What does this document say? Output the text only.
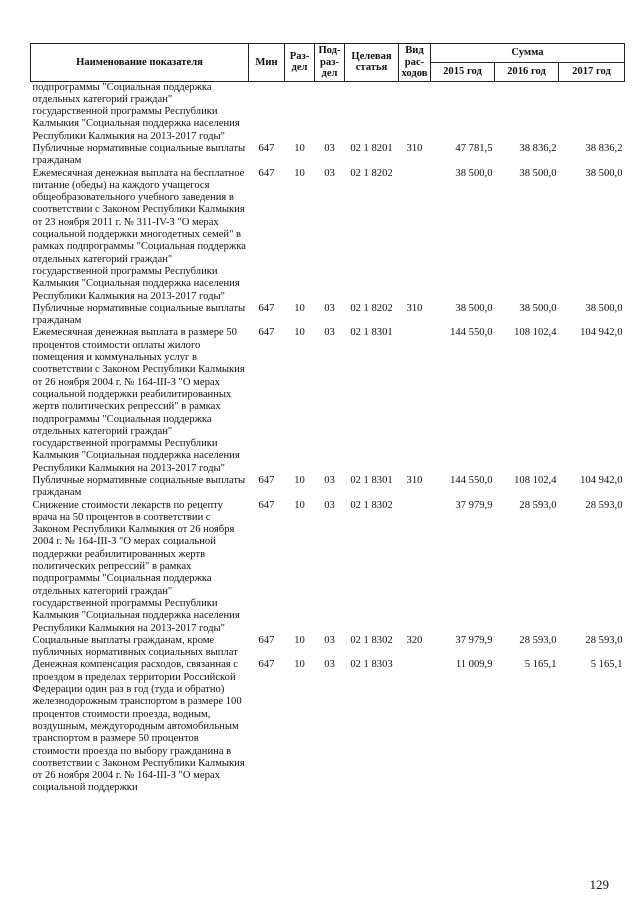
Наименование показателя	Мин	Раз-дел	Под-раз-дел	Целевая статья	Вид рас-ходов	Сумма		
						2015 год	2016 год	2017 год
подпрограммы "Социальная поддержка отдельных категорий граждан" государственной программы Республики Калмыкия "Социальная поддержка населения Республики Калмыкия на 2013-2017 годы"								
Публичные нормативные социальные выплаты гражданам	647	10	03	02 1 8201	310	47 781,5	38 836,2	38 836,2
Ежемесячная денежная выплата на бесплатное питание (обеды) на каждого учащегося общеобразовательного учебного заведения в соответствии с Законом Республики Калмыкия от 23 ноября 2011 г. № 311-IV-З "О мерах социальной поддержки многодетных семей" в рамках подпрограммы "Социальная поддержка отдельных категорий граждан" государственной программы Республики Калмыкия "Социальная поддержка населения Республики Калмыкия на 2013-2017 годы"	647	10	03	02 1 8202		38 500,0	38 500,0	38 500,0
Публичные нормативные социальные выплаты гражданам	647	10	03	02 1 8202	310	38 500,0	38 500,0	38 500,0
Ежемесячная денежная выплата в размере 50 процентов стоимости оплаты жилого помещения и коммунальных услуг в соответствии с Законом Республики Калмыкия от 26 ноября 2004 г. № 164-III-З "О мерах социальной поддержки реабилитированных жертв политических репрессий" в рамках подпрограммы "Социальная поддержка отдельных категорий граждан" государственной программы Республики Калмыкия "Социальная поддержка населения Республики Калмыкия на 2013-2017 годы"	647	10	03	02 1 8301		144 550,0	108 102,4	104 942,0
Публичные нормативные социальные выплаты гражданам	647	10	03	02 1 8301	310	144 550,0	108 102,4	104 942,0
Снижение стоимости лекарств по рецепту врача на 50 процентов в соответствии с Законом Республики Калмыкия от 26 ноября 2004 г. № 164-III-З "О мерах социальной поддержки реабилитированных жертв политических репрессий" в рамках подпрограммы "Социальная поддержка отдельных категорий граждан" государственной программы Республики Калмыкия "Социальная поддержка населения Республики Калмыкия на 2013-2017 годы"	647	10	03	02 1 8302		37 979,9	28 593,0	28 593,0
Социальные выплаты гражданам, кроме публичных нормативных социальных выплат	647	10	03	02 1 8302	320	37 979,9	28 593,0	28 593,0
Денежная компенсация расходов, связанная с проездом в пределах территории Российской Федерации один раз в год (туда и обратно) железнодорожным транспортом в размере 100 процентов стоимости проезда, водным, воздушным, междугородным автомобильным транспортом в размере 50 процентов стоимости проезда по выбору гражданина в соответствии с Законом Республики Калмыкия от 26 ноября 2004 г. № 164-III-З "О мерах социальной поддержки	647	10	03	02 1 8303		11 009,9	5 165,1	5 165,1
129
